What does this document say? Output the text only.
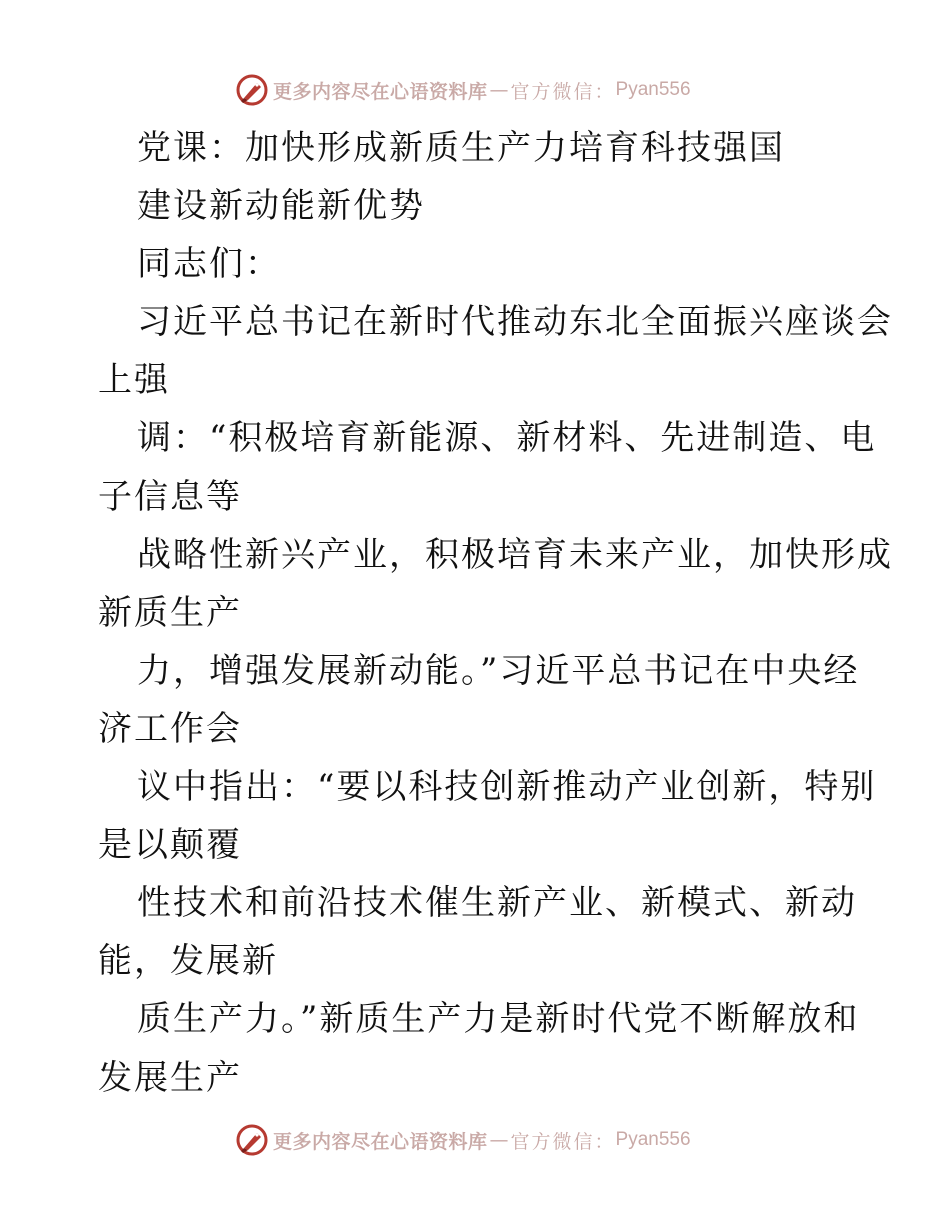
更多内容尽在心语资料库 — 官方微信： Pyan556
党课：加快形成新质生产力培育科技强国
建设新动能新优势
同志们：
习近平总书记在新时代推动东北全面振兴座谈会
上强
调：“积极培育新能源、新材料、先进制造、电
子信息等
战略性新兴产业，积极培育未来产业，加快形成
新质生产
力，增强发展新动能。”习近平总书记在中央经
济工作会
议中指出：“要以科技创新推动产业创新，特别
是以颠覆
性技术和前沿技术催生新产业、新模式、新动
能，发展新
质生产力。”新质生产力是新时代党不断解放和
发展生产
更多内容尽在心语资料库 — 官方微信： Pyan556
